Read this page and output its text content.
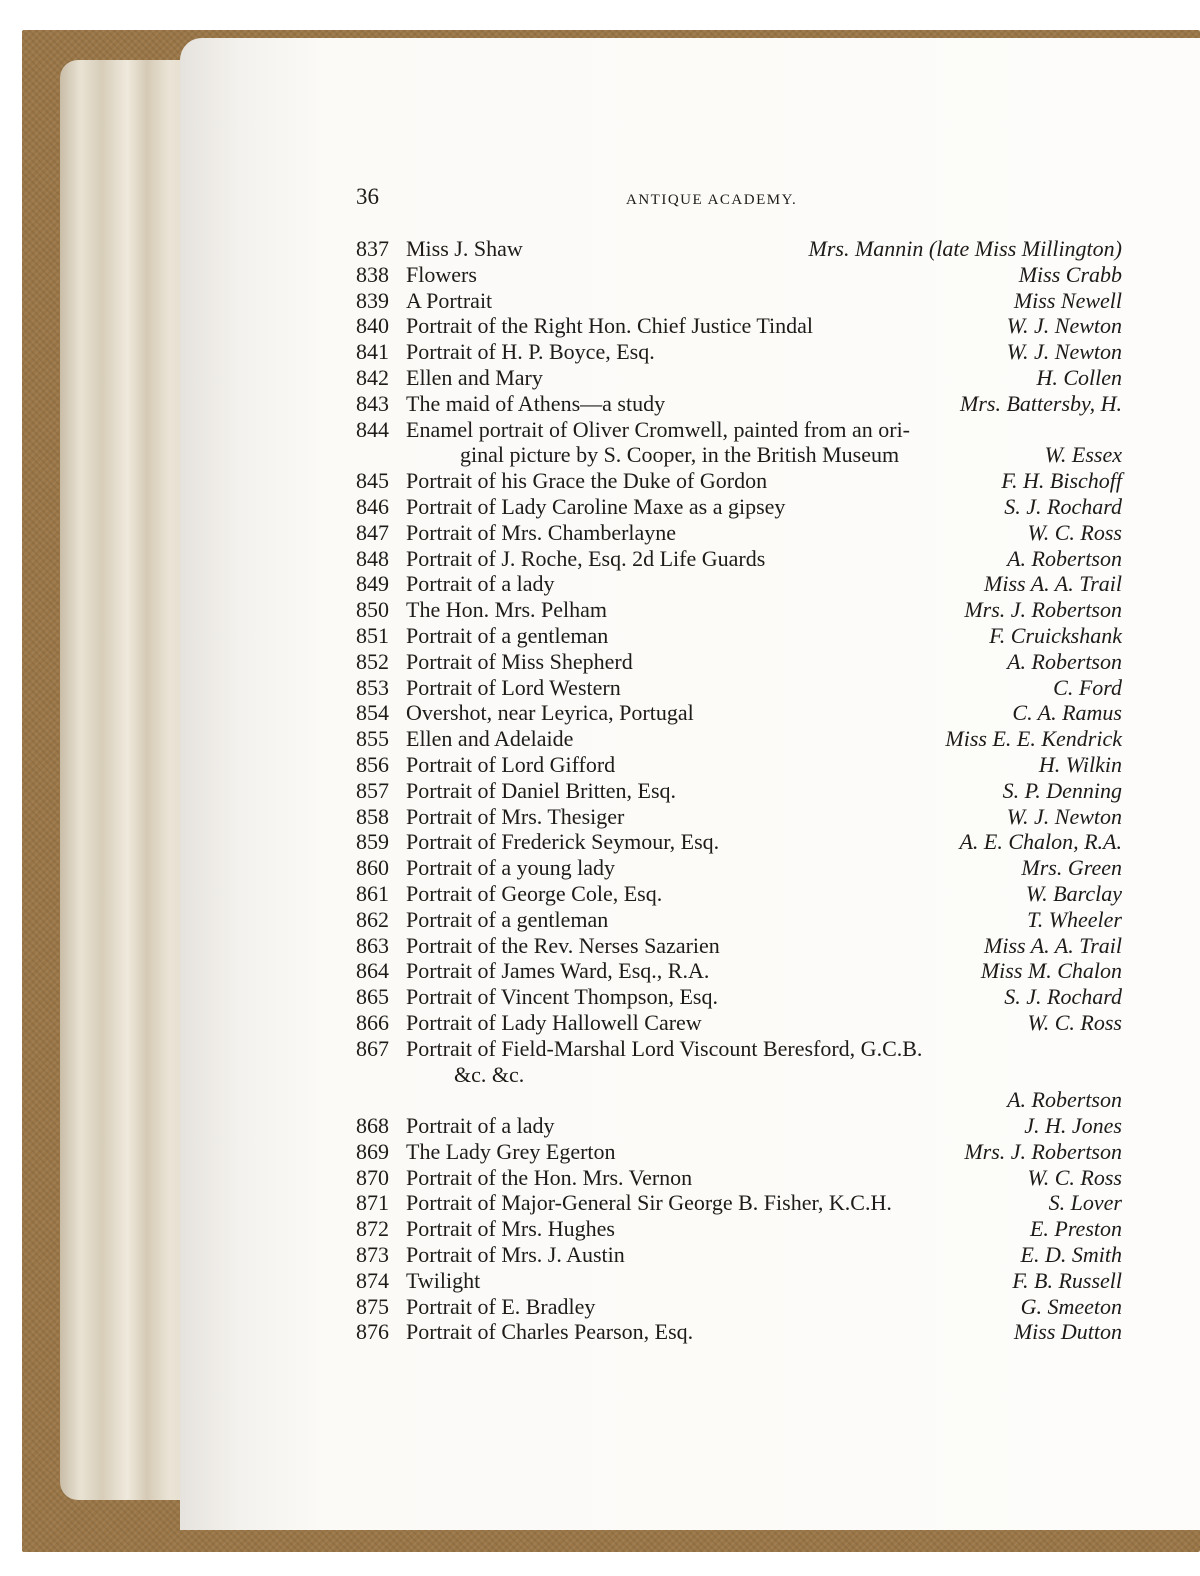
36	ANTIQUE ACADEMY.
837 Miss J. Shaw	Mrs. Mannin (late Miss Millington)
838 Flowers	Miss Crabb
839 A Portrait	Miss Newell
840 Portrait of the Right Hon. Chief Justice Tindal	W. J. Newton
841 Portrait of H. P. Boyce, Esq.	W. J. Newton
842 Ellen and Mary	H. Collen
843 The maid of Athens—a study	Mrs. Battersby, H.
844 Enamel portrait of Oliver Cromwell, painted from an ori-
ginal picture by S. Cooper, in the British Museum	W. Essex
845 Portrait of his Grace the Duke of Gordon	F. H. Bischoff
846 Portrait of Lady Caroline Maxe as a gipsey	S. J. Rochard
847 Portrait of Mrs. Chamberlayne	W. C. Ross
848 Portrait of J. Roche, Esq. 2d Life Guards	A. Robertson
849 Portrait of a lady	Miss A. A. Trail
850 The Hon. Mrs. Pelham	Mrs. J. Robertson
851 Portrait of a gentleman	F. Cruickshank
852 Portrait of Miss Shepherd	A. Robertson
853 Portrait of Lord Western	C. Ford
854 Overshot, near Leyrica, Portugal	C. A. Ramus
855 Ellen and Adelaide	Miss E. E. Kendrick
856 Portrait of Lord Gifford	H. Wilkin
857 Portrait of Daniel Britten, Esq.	S. P. Denning
858 Portrait of Mrs. Thesiger	W. J. Newton
859 Portrait of Frederick Seymour, Esq.	A. E. Chalon, R.A.
860 Portrait of a young lady	Mrs. Green
861 Portrait of George Cole, Esq.	W. Barclay
862 Portrait of a gentleman	T. Wheeler
863 Portrait of the Rev. Nerses Sazarien	Miss A. A. Trail
864 Portrait of James Ward, Esq., R.A.	Miss M. Chalon
865 Portrait of Vincent Thompson, Esq.	S. J. Rochard
866 Portrait of Lady Hallowell Carew	W. C. Ross
867 Portrait of Field-Marshal Lord Viscount Beresford, G.C.B.
&c. &c.
A. Robertson
868 Portrait of a lady	J. H. Jones
869 The Lady Grey Egerton	Mrs. J. Robertson
870 Portrait of the Hon. Mrs. Vernon	W. C. Ross
871 Portrait of Major-General Sir George B. Fisher, K.C.H.	S. Lover
872 Portrait of Mrs. Hughes	E. Preston
873 Portrait of Mrs. J. Austin	E. D. Smith
874 Twilight	F. B. Russell
875 Portrait of E. Bradley	G. Smeeton
876 Portrait of Charles Pearson, Esq.	Miss Dutton
